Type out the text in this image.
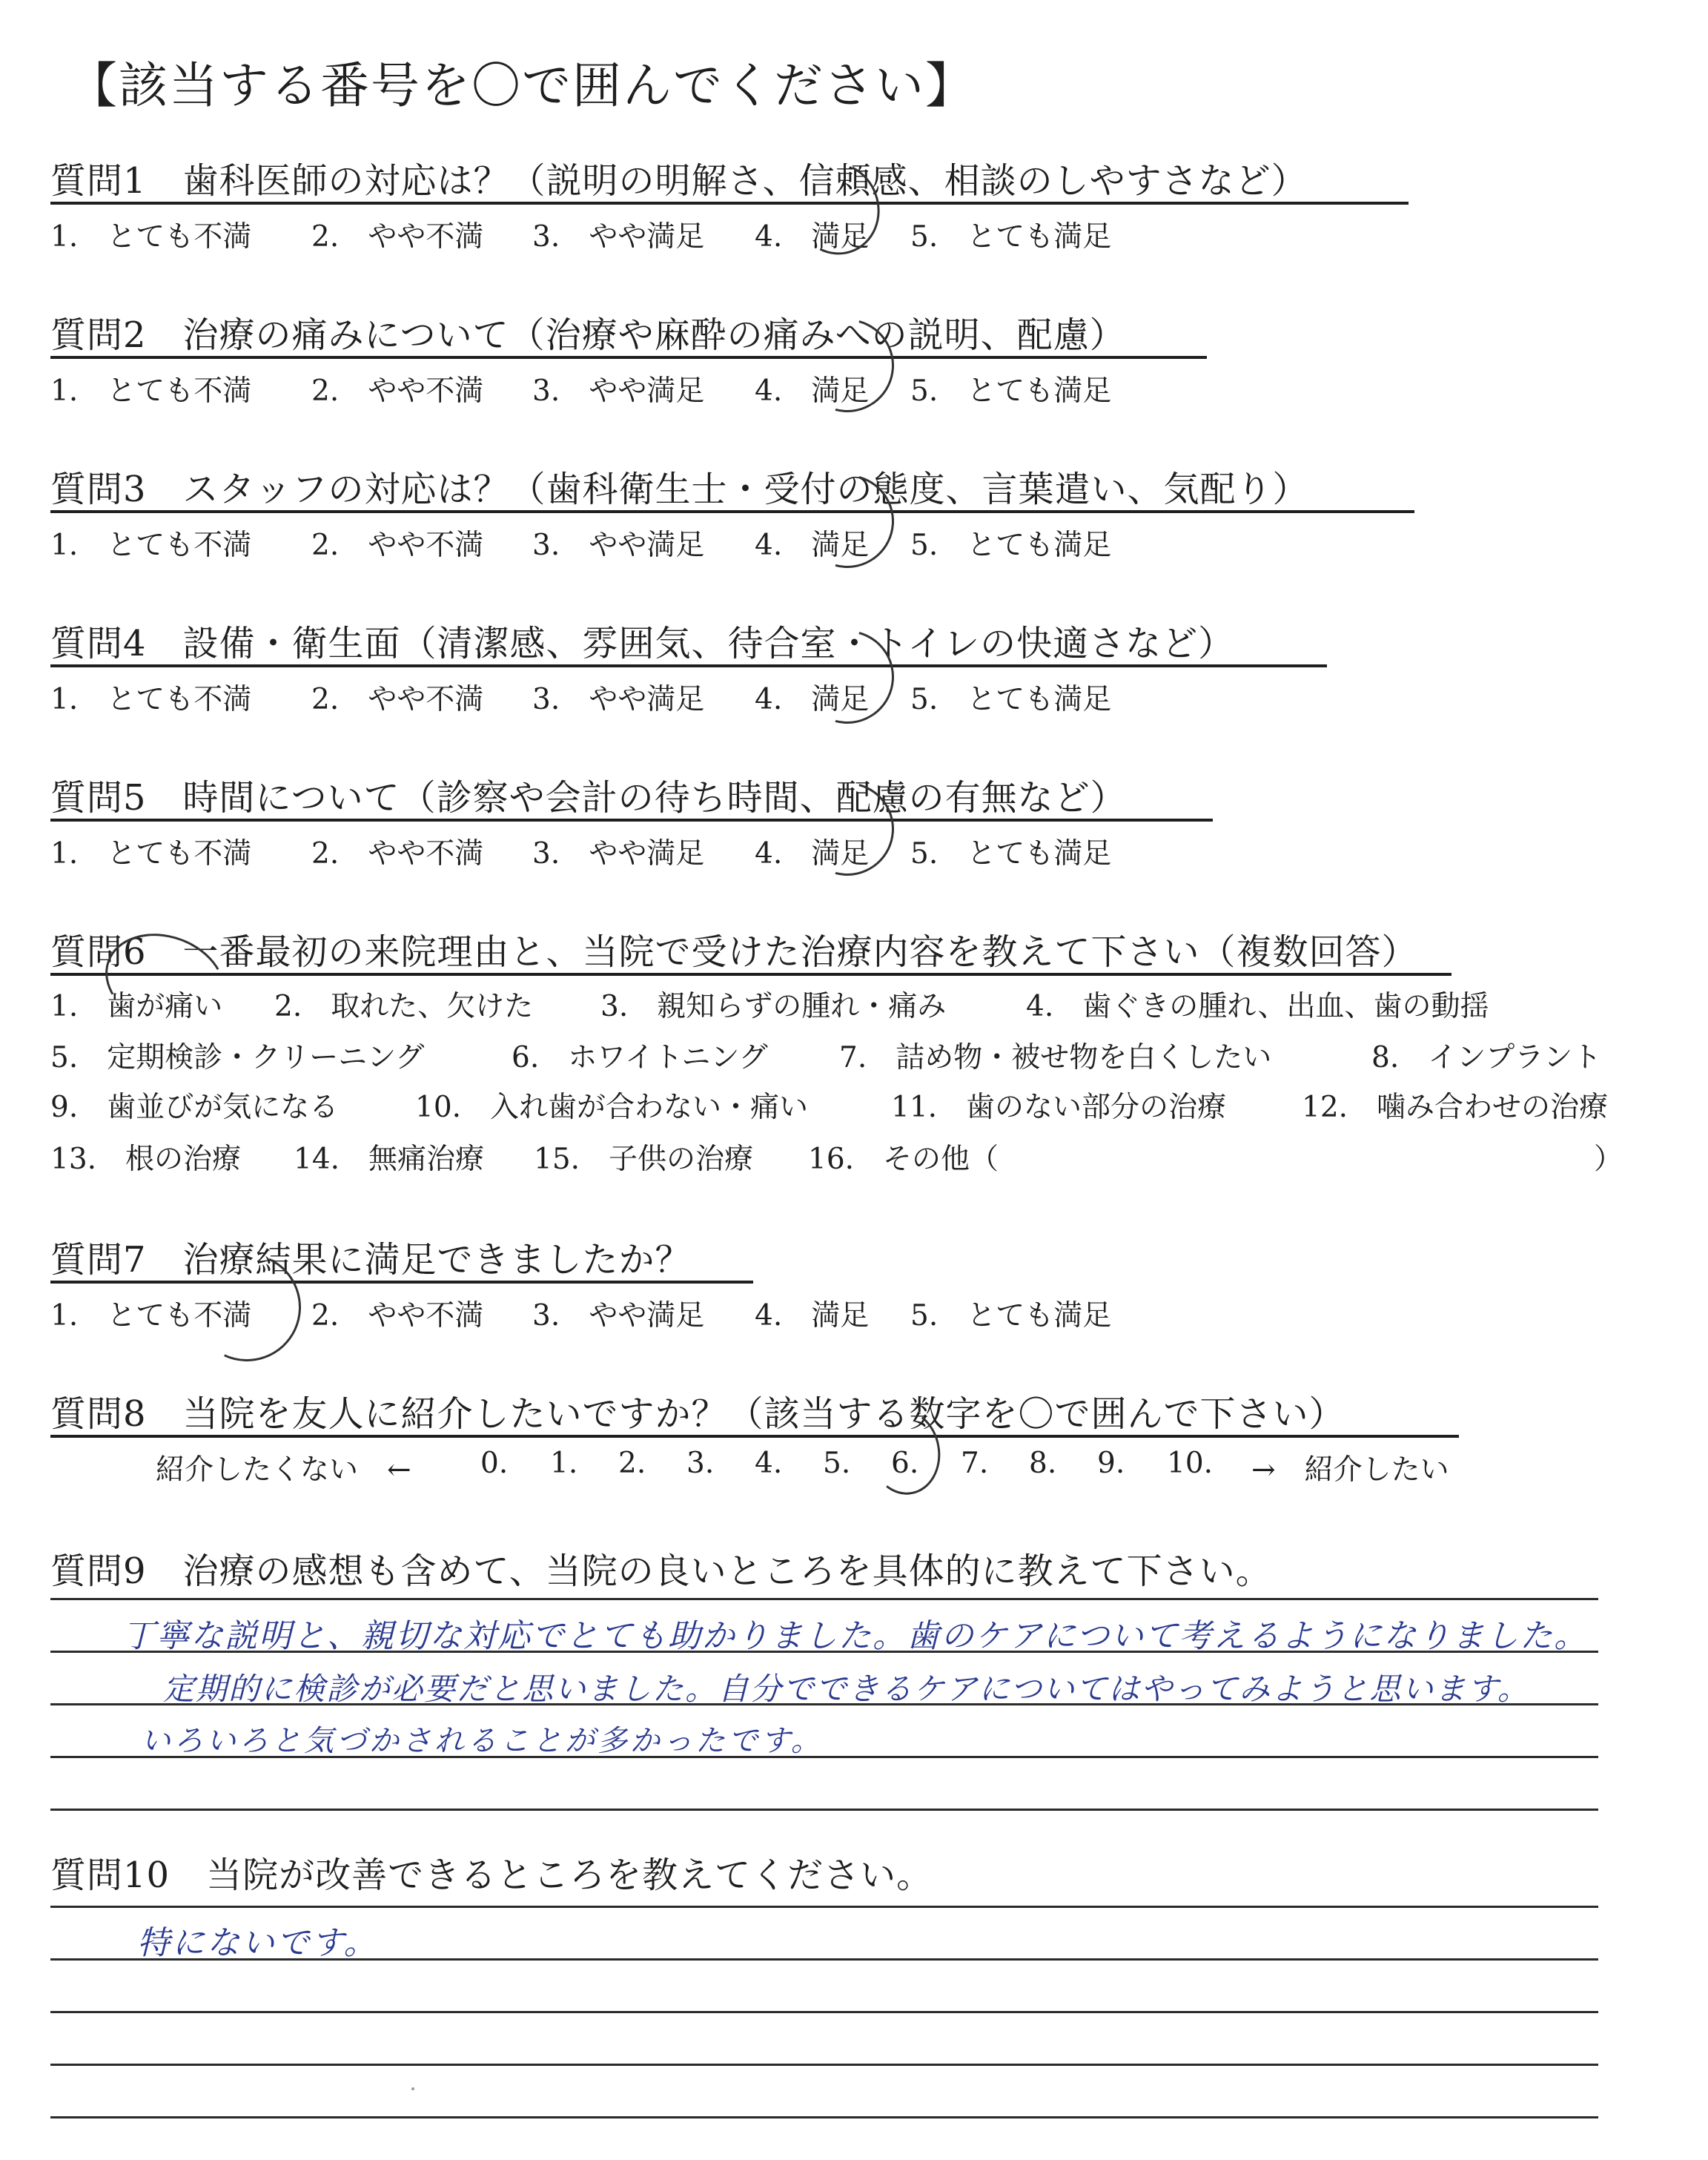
【該当する番号を〇で囲んでください】
質問1　歯科医師の対応は？（説明の明解さ、信頼感、相談のしやすさなど）
1.　とても不満 2.　やや不満 3.　やや満足 4.　満足 5.　とても満足
質問2　治療の痛みについて（治療や麻酔の痛みへの説明、配慮）
1.　とても不満 2.　やや不満 3.　やや満足 4.　満足 5.　とても満足
質問3　スタッフの対応は？（歯科衛生士・受付の態度、言葉遣い、気配り）
1.　とても不満 2.　やや不満 3.　やや満足 4.　満足 5.　とても満足
質問4　設備・衛生面（清潔感、雰囲気、待合室・トイレの快適さなど）
1.　とても不満 2.　やや不満 3.　やや満足 4.　満足 5.　とても満足
質問5　時間について（診察や会計の待ち時間、配慮の有無など）
1.　とても不満 2.　やや不満 3.　やや満足 4.　満足 5.　とても満足
質問6　一番最初の来院理由と、当院で受けた治療内容を教えて下さい（複数回答）
1.　歯が痛い 2.　取れた、欠けた 3.　親知らずの腫れ・痛み	4.　歯ぐきの腫れ、出血、歯の動揺
5.　定期検診・クリーニング	6.　ホワイトニング 7.　詰め物・被せ物を白くしたい	8.　インプラント
9.　歯並びが気になる	10.　入れ歯が合わない・痛い	11.　歯のない部分の治療	12.　噛み合わせの治療
13.　根の治療 14.　無痛治療 15.　子供の治療 16.　その他（	）
質問7　治療結果に満足できましたか？
1.　とても不満 2.　やや不満 3.　やや満足 4.　満足 5.　とても満足
質問8　当院を友人に紹介したいですか？（該当する数字を〇で囲んで下さい）
紹介したくない　← 0. 1. 2. 3. 4. 5. 6. 7. 8. 9. 10. →　紹介したい
質問9　治療の感想も含めて、当院の良いところを具体的に教えて下さい。
丁寧な説明と、親切な対応でとても助かりました。歯のケアについて考えるようになりました。
定期的に検診が必要だと思いました。自分でできるケアについてはやってみようと思います。
いろいろと気づかされることが多かったです。
質問10　当院が改善できるところを教えてください。
特にないです。
